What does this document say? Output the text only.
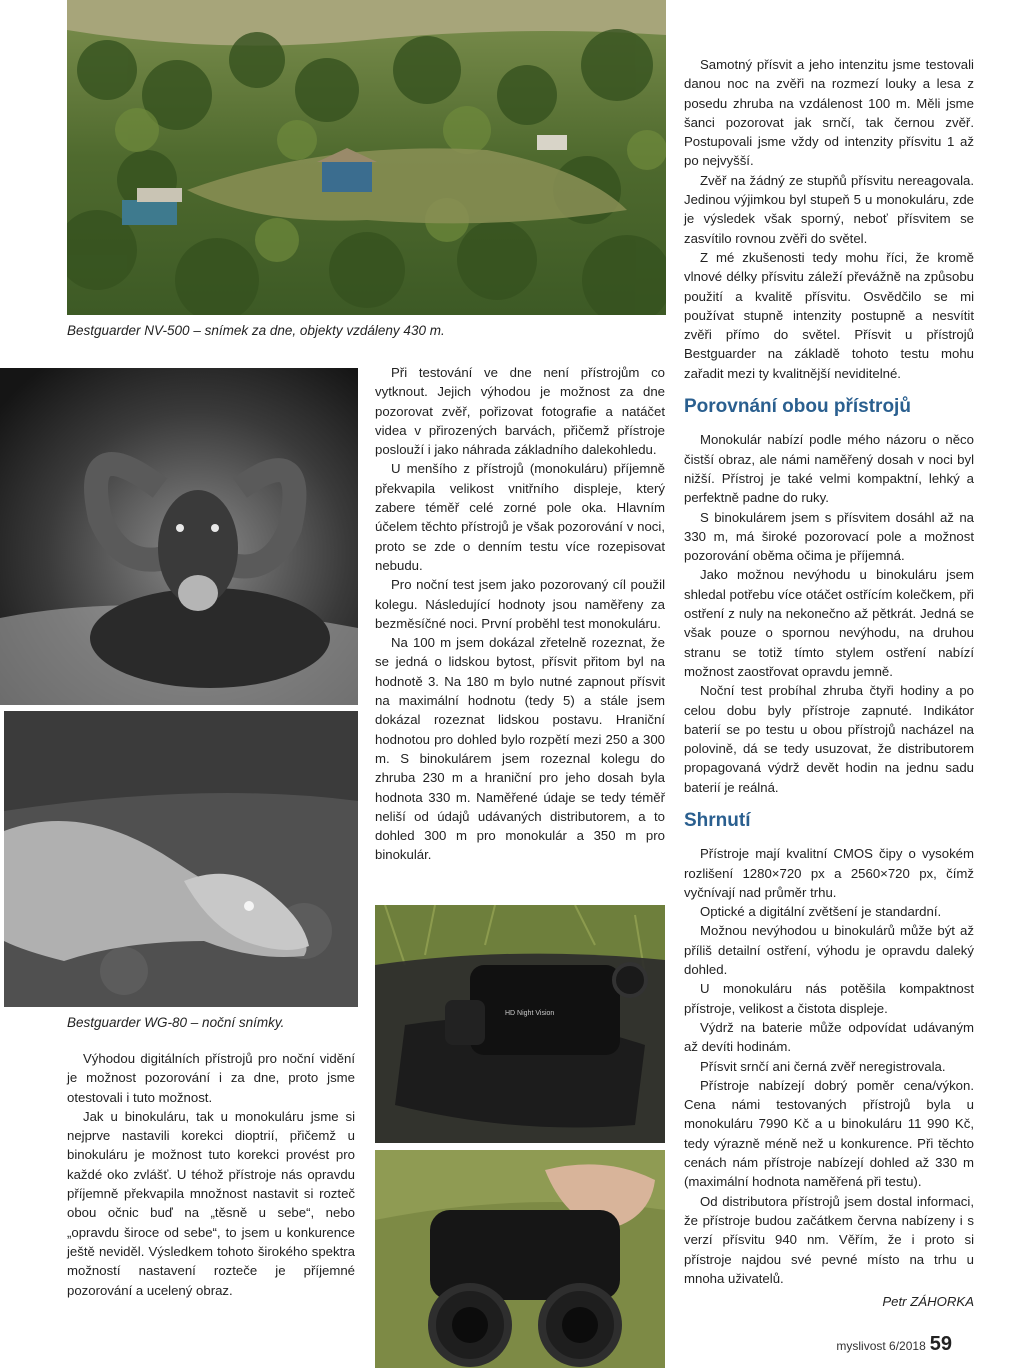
Bestguarder NV-500 – snímek za dne, objekty vzdáleny 430 m.
Bestguarder WG-80 – noční snímky.
HD Night Vision

Výhodou digitálních přístrojů pro noční vidění je možnost pozorování i za dne, proto jsme otestovali i tuto možnost.

Jak u binokuláru, tak u monokuláru jsme si nejprve nastavili korekci dioptrií, přičemž u binokuláru je možnost tuto korekci provést pro každé oko zvlášť. U téhož přístroje nás opravdu příjemně překvapila množnost nastavit si rozteč obou očnic buď na „těsně u sebe“, nebo „opravdu široce od sebe“, to jsem u konkurence ještě neviděl. Výsledkem tohoto širokého spektra možností nastavení rozteče je příjemné pozorování a ucelený obraz.

Při testování ve dne není přístrojům co vytknout. Jejich výhodou je možnost za dne pozorovat zvěř, pořizovat fotografie a natáčet videa v přirozených barvách, přičemž přístroje poslouží i jako náhrada základního dalekohledu.

U menšího z přístrojů (monokuláru) příjemně překvapila velikost vnitřního displeje, který zabere téměř celé zorné pole oka. Hlavním účelem těchto přístrojů je však pozorování v noci, proto se zde o denním testu více rozepisovat nebudu.

Pro noční test jsem jako pozorovaný cíl použil kolegu. Následující hodnoty jsou naměřeny za bezměsíčné noci. První proběhl test monokuláru.

Na 100 m jsem dokázal zřetelně rozeznat, že se jedná o lidskou bytost, přísvit přitom byl na hodnotě 3. Na 180 m bylo nutné zapnout přísvit na maximální hodnotu (tedy 5) a stále jsem dokázal rozeznat lidskou postavu. Hraniční hodnotou pro dohled bylo rozpětí mezi 250 a 300 m. S binokulárem jsem rozeznal kolegu do zhruba 230 m a hraniční pro jeho dosah byla hodnota 330 m. Naměřené údaje se tedy téměř neliší od údajů udávaných distributorem, a to dohled 300 m pro monokulár a 350 m pro binokulár.

Samotný přísvit a jeho intenzitu jsme testovali danou noc na zvěři na rozmezí louky a lesa z posedu zhruba na vzdálenost 100 m. Měli jsme šanci pozorovat jak srnčí, tak černou zvěř. Postupovali jsme vždy od intenzity přísvitu 1 až po nejvyšší.

Zvěř na žádný ze stupňů přísvitu nereagovala. Jedinou výjimkou byl stupeň 5 u monokuláru, zde je výsledek však sporný, neboť přísvitem se zasvítilo rovnou zvěři do světel.

Z mé zkušenosti tedy mohu říci, že kromě vlnové délky přísvitu záleží převážně na způsobu použití a kvalitě přísvitu. Osvědčilo se mi používat stupně intenzity postupně a nesvítit zvěři přímo do světel. Přísvit u přístrojů Bestguarder na základě tohoto testu mohu zařadit mezi ty kvalitnější neviditelné.

Porovnání obou přístrojů

Monokulár nabízí podle mého názoru o něco čistší obraz, ale námi naměřený dosah v noci byl nižší. Přístroj je také velmi kompaktní, lehký a perfektně padne do ruky.

S binokulárem jsem s přísvitem dosáhl až na 330 m, má široké pozorovací pole a možnost pozorování oběma očima je příjemná.

Jako možnou nevýhodu u binokuláru jsem shledal potřebu více otáčet ostřícím kolečkem, při ostření z nuly na nekonečno až pětkrát. Jedná se však pouze o spornou nevýhodu, na druhou stranu se totiž tímto stylem ostření nabízí možnost zaostřovat opravdu jemně.

Noční test probíhal zhruba čtyři hodiny a po celou dobu byly přístroje zapnuté. Indikátor baterií se po testu u obou přístrojů nacházel na polovině, dá se tedy usuzovat, že distributorem propagovaná výdrž devět hodin na jednu sadu baterií je reálná.

Shrnutí

Přístroje mají kvalitní CMOS čipy o vysokém rozlišení 1280×720 px a 2560×720 px, čímž vyčnívají nad průměr trhu.

Optické a digitální zvětšení je standardní.

Možnou nevýhodou u binokulárů může být až příliš detailní ostření, výhodu je opravdu daleký dohled.

U monokuláru nás potěšila kompaktnost přístroje, velikost a čistota displeje.

Výdrž na baterie může odpovídat udávaným až devíti hodinám.

Přísvit srnčí ani černá zvěř neregistrovala.

Přístroje nabízejí dobrý poměr cena/výkon. Cena námi testovaných přístrojů byla u monokuláru 7990 Kč a u binokuláru 11 990 Kč, tedy výrazně méně než u konkurence. Při těchto cenách nám přístroje nabízejí dohled až 330 m (maximální hodnota naměřená při testu).

Od distributora přístrojů jsem dostal informaci, že přístroje budou začátkem června nabízeny i s verzí přísvitu 940 nm. Věřím, že i proto si přístroje najdou své pevné místo na trhu u mnoha uživatelů.

Petr ZÁHORKA
myslivost 6/2018 59
